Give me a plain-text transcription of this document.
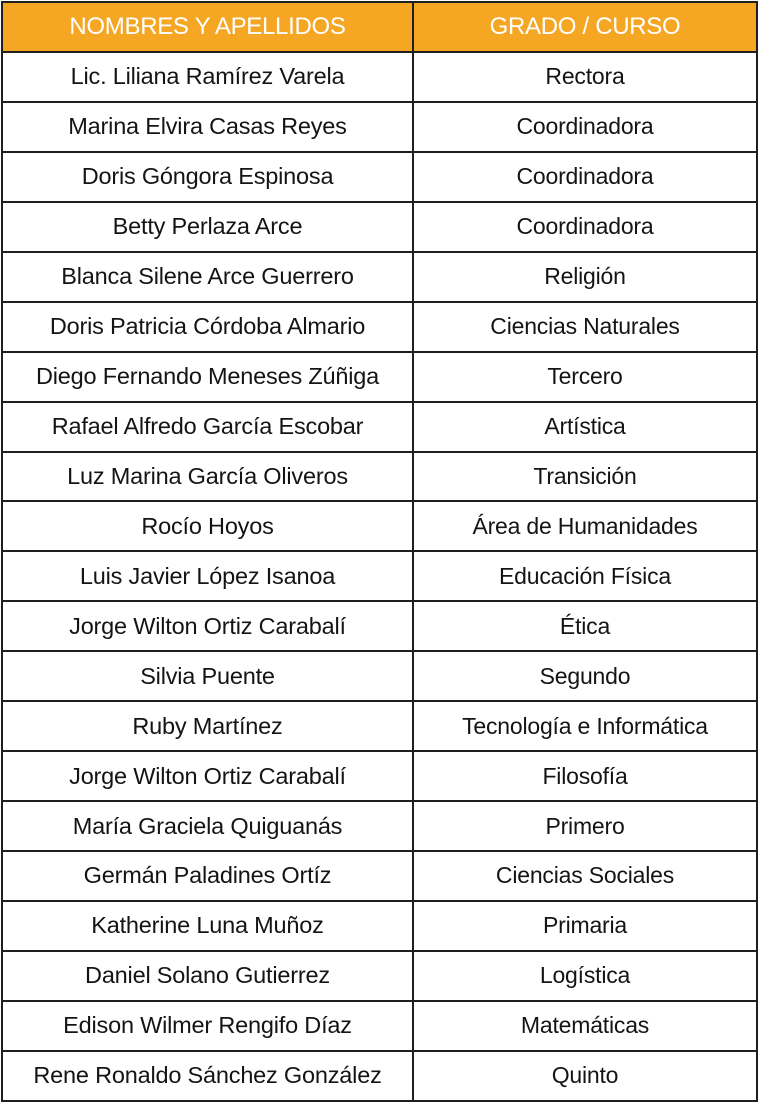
NOMBRES Y APELLIDOS	GRADO / CURSO
Lic. Liliana Ramírez Varela	Rectora
Marina Elvira Casas Reyes	Coordinadora
Doris Góngora Espinosa	Coordinadora
Betty Perlaza Arce	Coordinadora
Blanca Silene Arce Guerrero	Religión
Doris Patricia Córdoba Almario	Ciencias Naturales
Diego Fernando Meneses Zúñiga	Tercero
Rafael Alfredo García Escobar	Artística
Luz Marina García Oliveros	Transición
Rocío Hoyos	Área de Humanidades
Luis Javier López Isanoa	Educación Física
Jorge Wilton Ortiz Carabalí	Ética
Silvia Puente	Segundo
Ruby Martínez	Tecnología e Informática
Jorge Wilton Ortiz Carabalí	Filosofía
María Graciela Quiguanás	Primero
Germán Paladines Ortíz	Ciencias Sociales
Katherine Luna Muñoz	Primaria
Daniel Solano Gutierrez	Logística
Edison Wilmer Rengifo Díaz	Matemáticas
Rene Ronaldo Sánchez González	Quinto
